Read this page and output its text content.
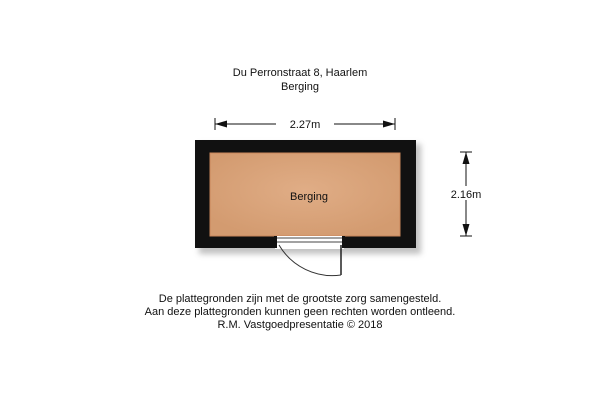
Du Perronstraat 8, Haarlem
Berging
2.27m
2.16m
Berging
De plattegronden zijn met de grootste zorg samengesteld.
Aan deze plattegronden kunnen geen rechten worden ontleend.
R.M. Vastgoedpresentatie © 2018
